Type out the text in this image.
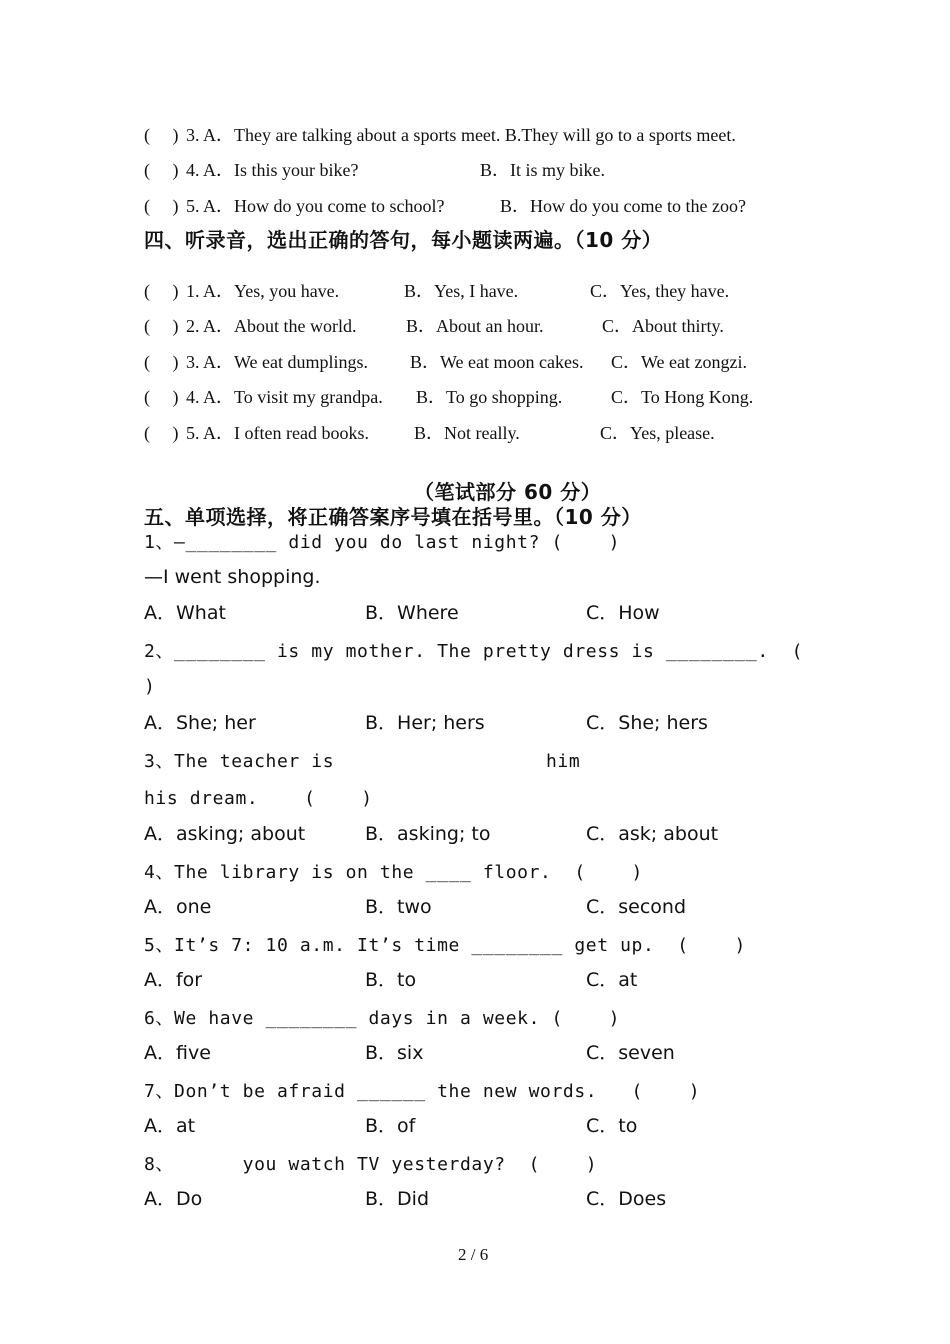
(     ) 3. A．They are talking about a sports meet. B.They will go to a sports meet.
(     ) 4. A．Is this your bike?	B．It is my bike.
(     ) 5. A．How do you come to school?	B．How do you come to the zoo?
四、听录音，选出正确的答句，每小题读两遍。（10 分）
(     ) 1. A．Yes, you have.	B．Yes, I have.	C．Yes, they have.
(     ) 2. A．About the world.	B．About an hour.	C．About thirty.
(     ) 3. A．We eat dumplings. B．We eat moon cakes. C．We eat zongzi.
(     ) 4. A．To visit my grandpa. B．To go shopping.	C．To Hong Kong.
(     ) 5. A．I often read books.	B．Not really.	C．Yes, please.
（笔试部分 60 分）
五、单项选择，将正确答案序号填在括号里。（10 分）
1、—________ did you do last night? (    )
—I went shopping.
A．What	B．Where	C．How
2、________ is my mother. The pretty dress is ________.  (
)
A．She; her	B．Her; hers	C．She; hers
3、The teacher is	him
his dream.    (    )
A．asking; about	B．asking; to	C．ask; about
4、The library is on the ____ floor.  (    )
A．one	B．two	C．second
5、It’s 7: 10 a.m. It’s time ________ get up.  (    )
A．for	B．to	C．at
6、We have ________ days in a week. (    )
A．five	B．six	C．seven
7、Don’t be afraid ______ the new words.   (    )
A．at	B．of	C．to
8、      you watch TV yesterday?  (    )
A．Do	B．Did	C．Does
2 / 6
